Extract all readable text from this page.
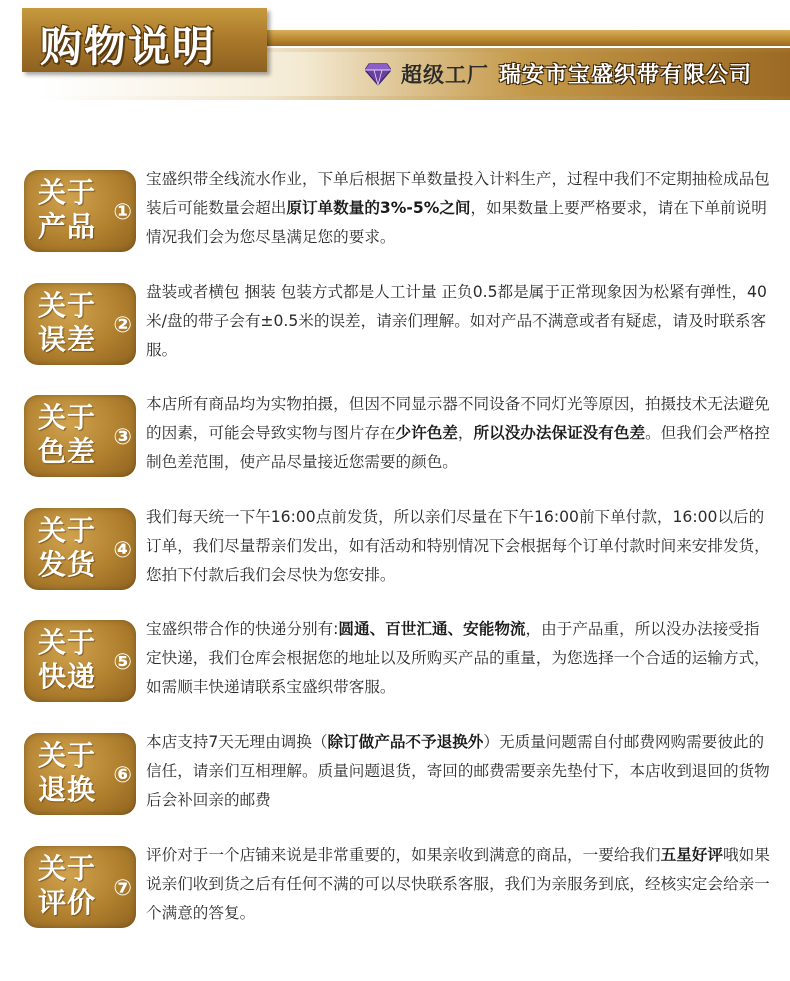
购物说明
超级工厂 瑞安市宝盛织带有限公司
关于产品 ①
宝盛织带全线流水作业，下单后根据下单数量投入计料生产，过程中我们不定期抽检成品包装后可能数量会超出原订单数量的3%-5%之间，如果数量上要严格要求，请在下单前说明情况我们会为您尽垦满足您的要求。
关于误差 ②
盘装或者横包 捆装 包装方式都是人工计量 正负0.5都是属于正常现象因为松紧有弹性，40米/盘的带子会有±0.5米的误差，请亲们理解。如对产品不满意或者有疑虑，请及时联系客服。
关于色差 ③
本店所有商品均为实物拍摄，但因不同显示器不同设备不同灯光等原因，拍摄技术无法避免的因素，可能会导致实物与图片存在少许色差，所以没办法保证没有色差。但我们会严格控制色差范围，使产品尽量接近您需要的颜色。
关于发货 ④
我们每天统一下午16:00点前发货，所以亲们尽量在下午16:00前下单付款，16:00以后的订单，我们尽量帮亲们发出，如有活动和特别情况下会根据每个订单付款时间来安排发货，您拍下付款后我们会尽快为您安排。
关于快递 ⑤
宝盛织带合作的快递分别有:圆通、百世汇通、安能物流，由于产品重，所以没办法接受指定快递，我们仓库会根据您的地址以及所购买产品的重量，为您选择一个合适的运输方式，如需顺丰快递请联系宝盛织带客服。
关于退换 ⑥
本店支持7天无理由调换（除订做产品不予退换外）无质量问题需自付邮费网购需要彼此的信任，请亲们互相理解。质量问题退货，寄回的邮费需要亲先垫付下，本店收到退回的货物后会补回亲的邮费
关于评价 ⑦
评价对于一个店铺来说是非常重要的，如果亲收到满意的商品，一要给我们五星好评哦如果说亲们收到货之后有任何不满的可以尽快联系客服，我们为亲服务到底，经核实定会给亲一个满意的答复。
